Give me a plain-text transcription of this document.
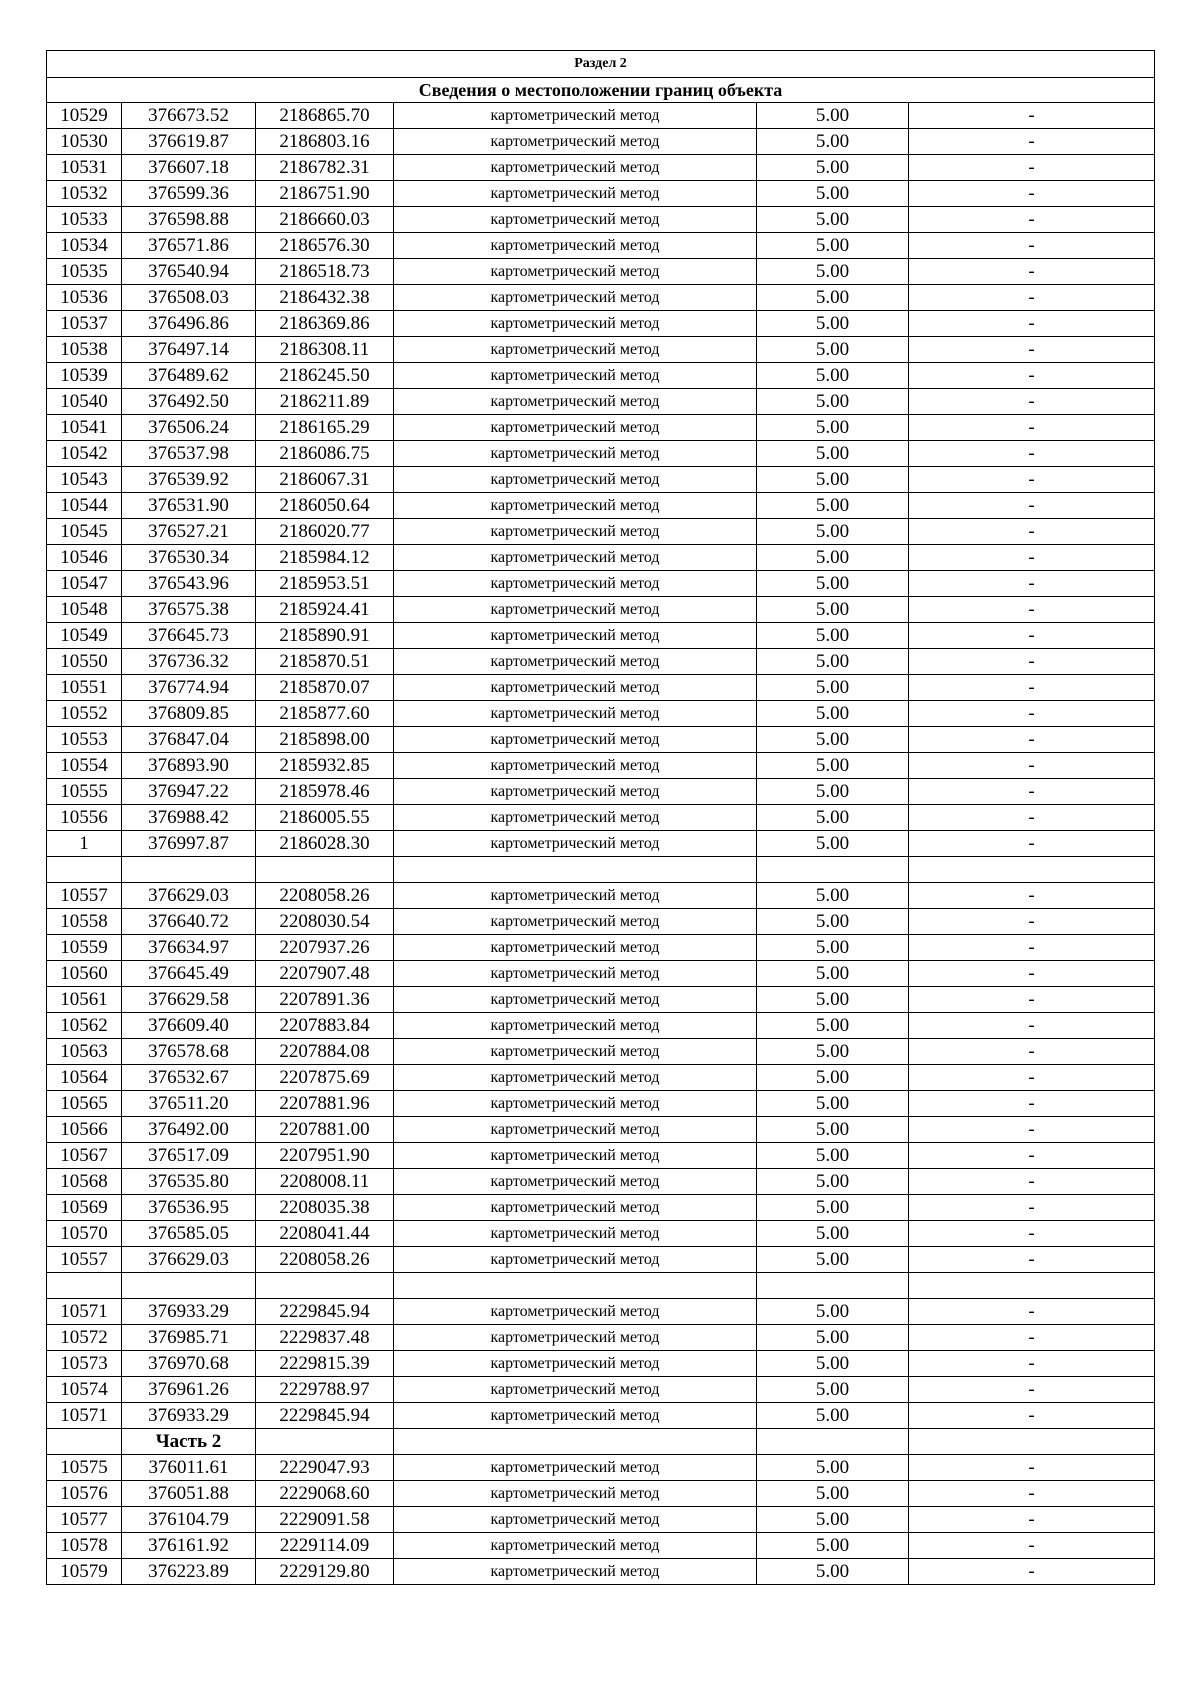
Раздел 2					
Сведения о местоположении границ объекта					
10529	376673.52	2186865.70	картометрический метод	5.00	-
10530	376619.87	2186803.16	картометрический метод	5.00	-
10531	376607.18	2186782.31	картометрический метод	5.00	-
10532	376599.36	2186751.90	картометрический метод	5.00	-
10533	376598.88	2186660.03	картометрический метод	5.00	-
10534	376571.86	2186576.30	картометрический метод	5.00	-
10535	376540.94	2186518.73	картометрический метод	5.00	-
10536	376508.03	2186432.38	картометрический метод	5.00	-
10537	376496.86	2186369.86	картометрический метод	5.00	-
10538	376497.14	2186308.11	картометрический метод	5.00	-
10539	376489.62	2186245.50	картометрический метод	5.00	-
10540	376492.50	2186211.89	картометрический метод	5.00	-
10541	376506.24	2186165.29	картометрический метод	5.00	-
10542	376537.98	2186086.75	картометрический метод	5.00	-
10543	376539.92	2186067.31	картометрический метод	5.00	-
10544	376531.90	2186050.64	картометрический метод	5.00	-
10545	376527.21	2186020.77	картометрический метод	5.00	-
10546	376530.34	2185984.12	картометрический метод	5.00	-
10547	376543.96	2185953.51	картометрический метод	5.00	-
10548	376575.38	2185924.41	картометрический метод	5.00	-
10549	376645.73	2185890.91	картометрический метод	5.00	-
10550	376736.32	2185870.51	картометрический метод	5.00	-
10551	376774.94	2185870.07	картометрический метод	5.00	-
10552	376809.85	2185877.60	картометрический метод	5.00	-
10553	376847.04	2185898.00	картометрический метод	5.00	-
10554	376893.90	2185932.85	картометрический метод	5.00	-
10555	376947.22	2185978.46	картометрический метод	5.00	-
10556	376988.42	2186005.55	картометрический метод	5.00	-
1	376997.87	2186028.30	картометрический метод	5.00	-

10557	376629.03	2208058.26	картометрический метод	5.00	-
10558	376640.72	2208030.54	картометрический метод	5.00	-
10559	376634.97	2207937.26	картометрический метод	5.00	-
10560	376645.49	2207907.48	картометрический метод	5.00	-
10561	376629.58	2207891.36	картометрический метод	5.00	-
10562	376609.40	2207883.84	картометрический метод	5.00	-
10563	376578.68	2207884.08	картометрический метод	5.00	-
10564	376532.67	2207875.69	картометрический метод	5.00	-
10565	376511.20	2207881.96	картометрический метод	5.00	-
10566	376492.00	2207881.00	картометрический метод	5.00	-
10567	376517.09	2207951.90	картометрический метод	5.00	-
10568	376535.80	2208008.11	картометрический метод	5.00	-
10569	376536.95	2208035.38	картометрический метод	5.00	-
10570	376585.05	2208041.44	картометрический метод	5.00	-
10557	376629.03	2208058.26	картометрический метод	5.00	-

10571	376933.29	2229845.94	картометрический метод	5.00	-
10572	376985.71	2229837.48	картометрический метод	5.00	-
10573	376970.68	2229815.39	картометрический метод	5.00	-
10574	376961.26	2229788.97	картометрический метод	5.00	-
10571	376933.29	2229845.94	картометрический метод	5.00	-
	Часть 2				
10575	376011.61	2229047.93	картометрический метод	5.00	-
10576	376051.88	2229068.60	картометрический метод	5.00	-
10577	376104.79	2229091.58	картометрический метод	5.00	-
10578	376161.92	2229114.09	картометрический метод	5.00	-
10579	376223.89	2229129.80	картометрический метод	5.00	-
